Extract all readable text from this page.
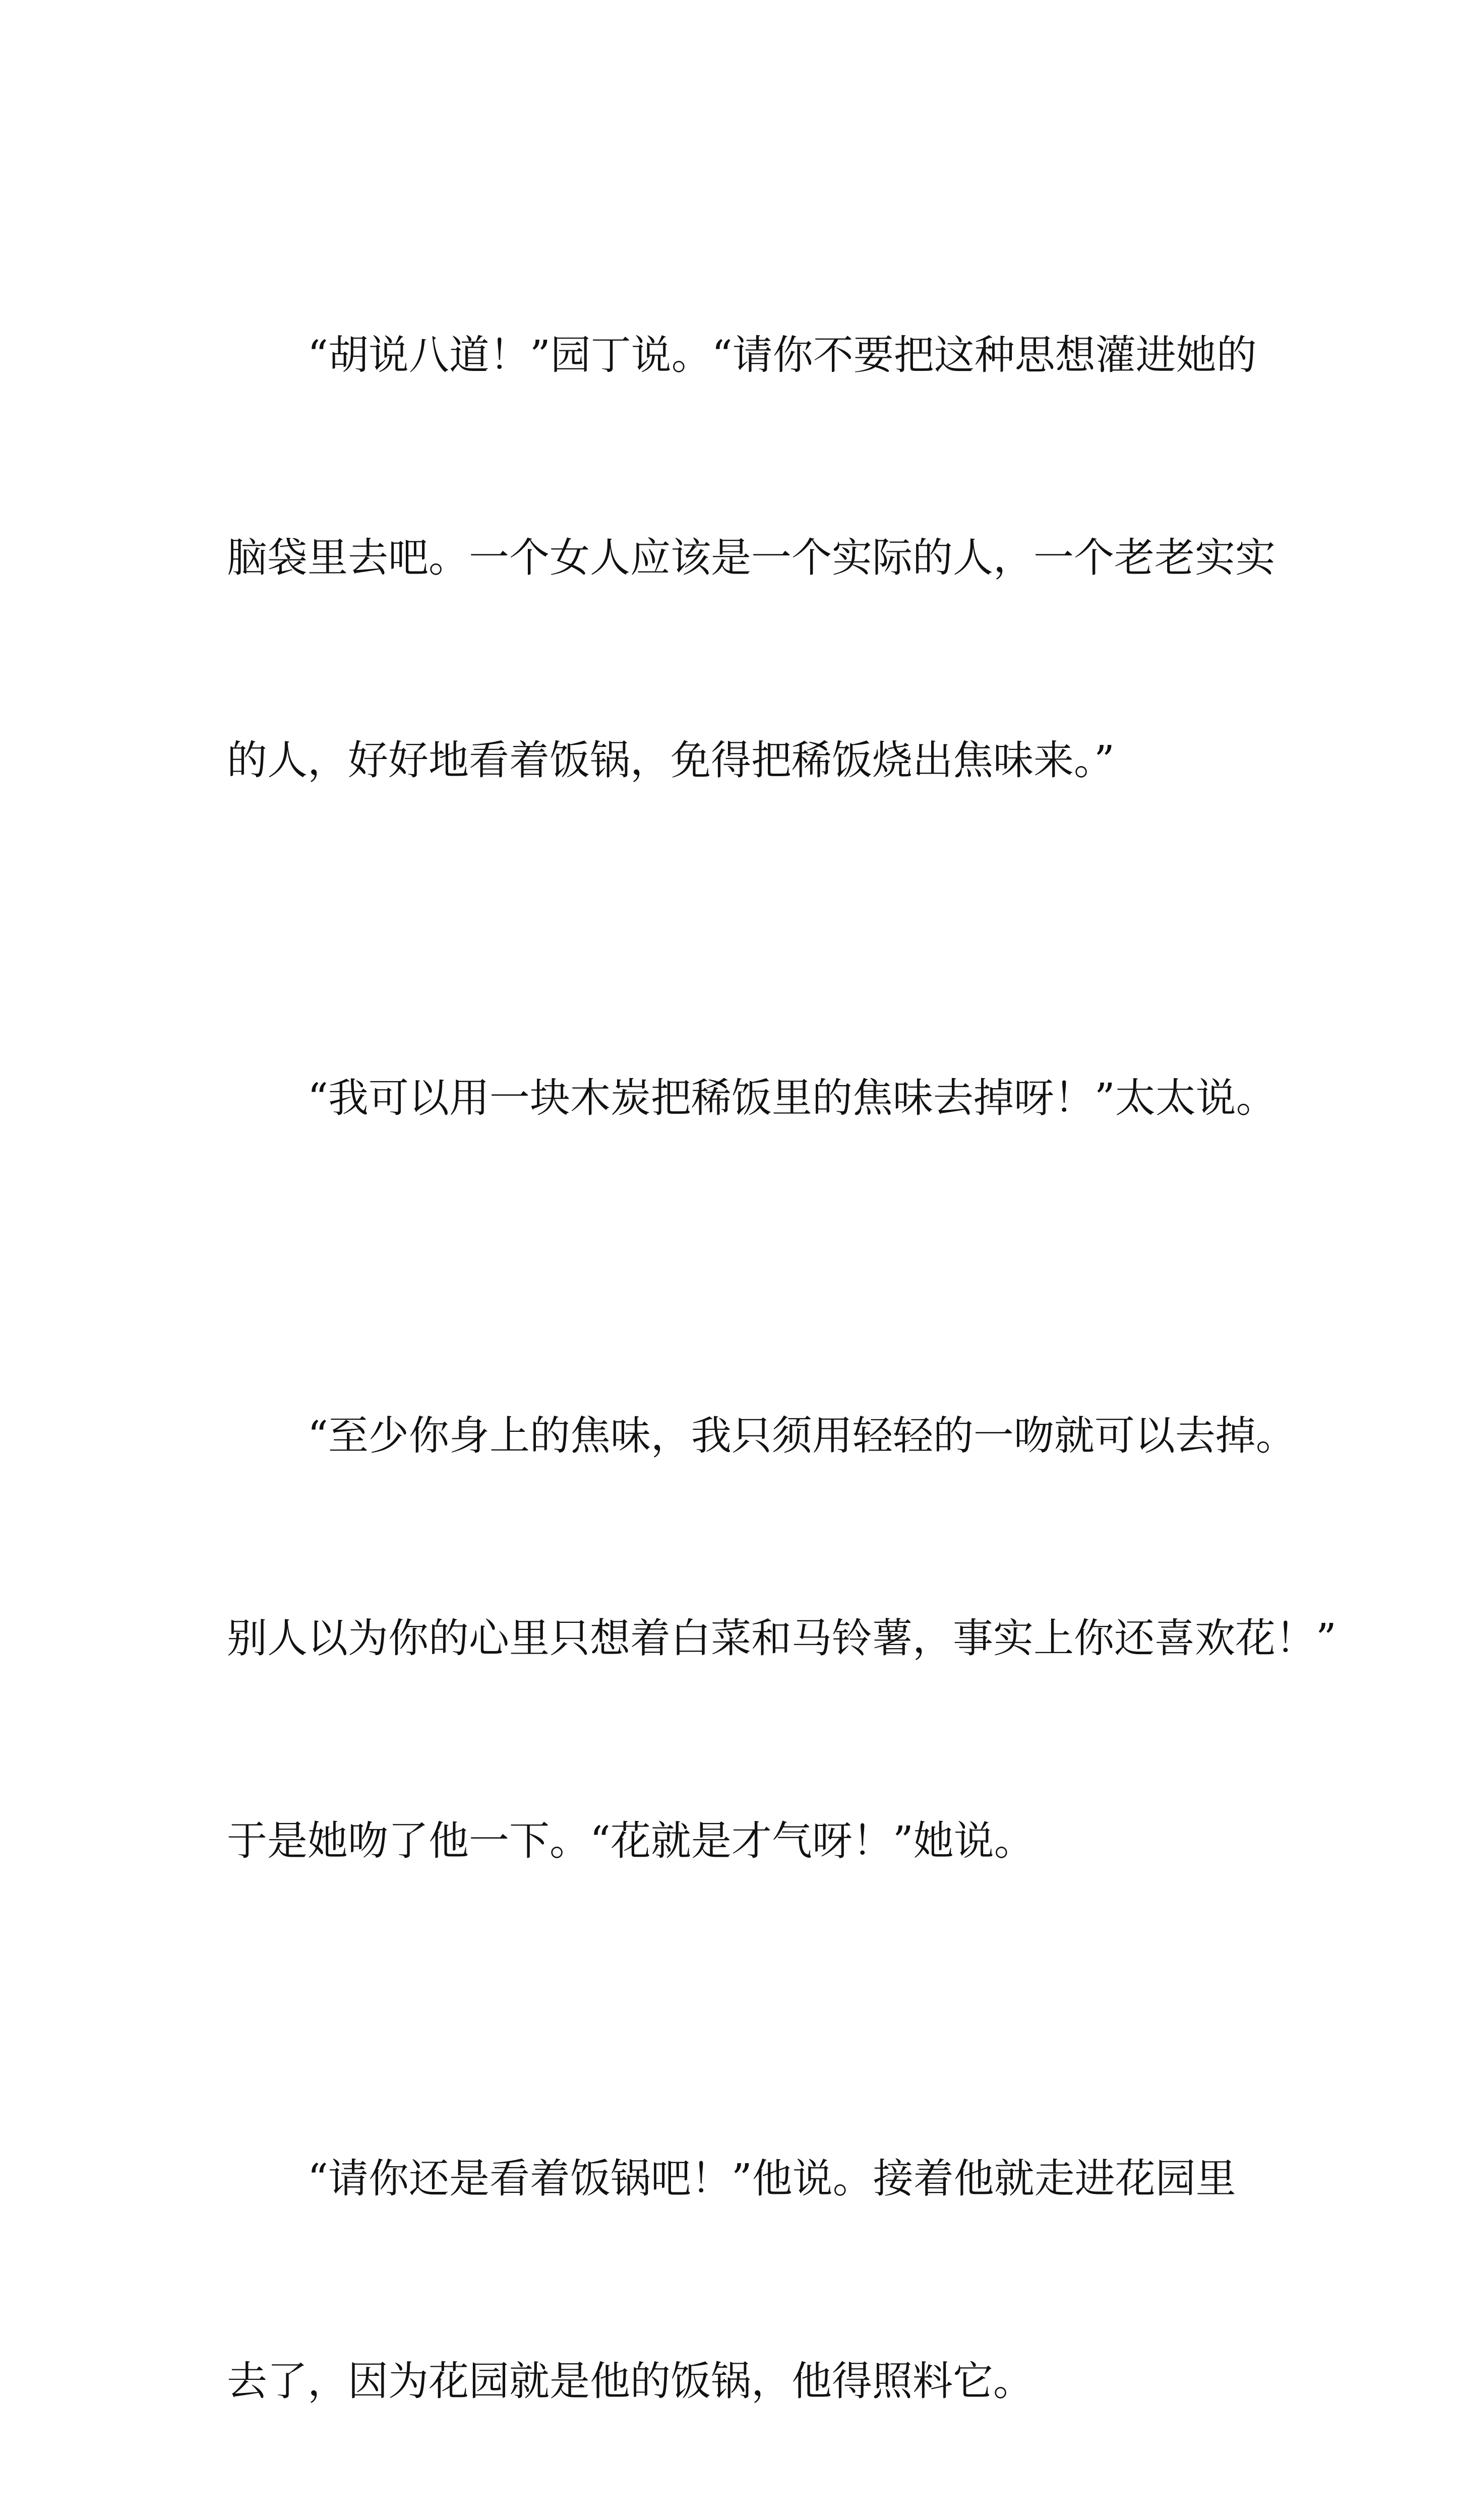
　　“胡说八道！”园丁说。“请你不要把这种思想灌进她的

脑袋里去吧。一个女人应该是一个实际的人，一个老老实实

的人，好好地看着饭锅，免得把稀饭烧出焦味来。”

　　“我可以用一块木炭把稀饭里的焦味去掉呀！”太太说。

　　“至少你身上的焦味，我只须用轻轻的一吻就可以去掉。

别人以为你的心里只想着白菜和马铃薯，事实上你还喜欢花！”

于是她吻了他一下。“花就是才气呀！”她说。

　　“请你还是看着饭锅吧！”他说。接着他就走进花园里

去了，因为花园就是他的饭锅，他得照料它。
